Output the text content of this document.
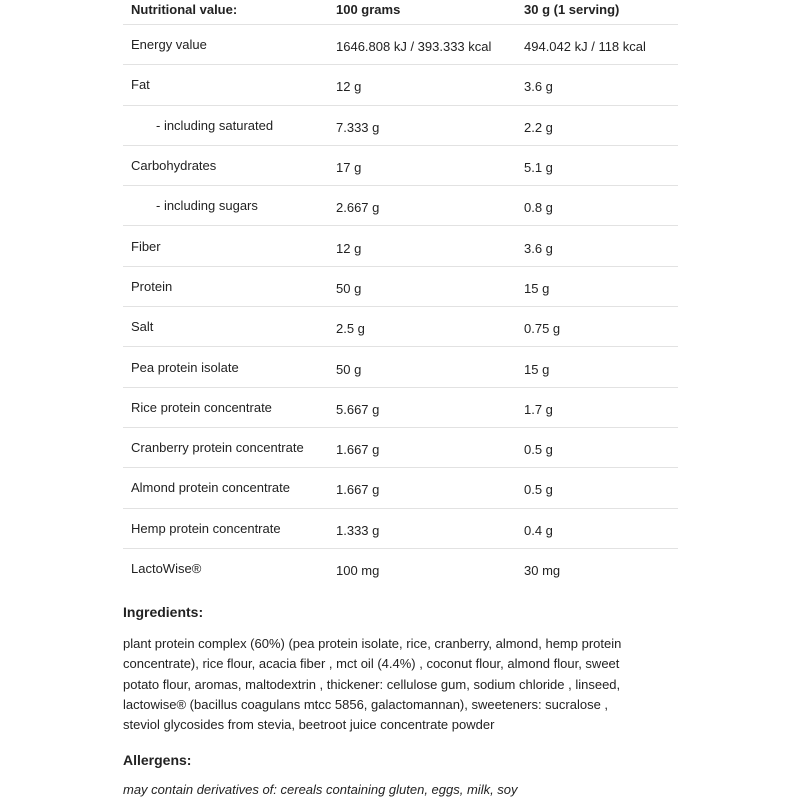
Nutritional value:	100 grams	30 g (1 serving)
Energy value	1646.808 kJ / 393.333 kcal	494.042 kJ / 118 kcal
Fat	12 g	3.6 g
- including saturated	7.333 g	2.2 g
Carbohydrates	17 g	5.1 g
- including sugars	2.667 g	0.8 g
Fiber	12 g	3.6 g
Protein	50 g	15 g
Salt	2.5 g	0.75 g
Pea protein isolate	50 g	15 g
Rice protein concentrate	5.667 g	1.7 g
Cranberry protein concentrate	1.667 g	0.5 g
Almond protein concentrate	1.667 g	0.5 g
Hemp protein concentrate	1.333 g	0.4 g
LactoWise®	100 mg	30 mg
Ingredients:
plant protein complex (60%) (pea protein isolate, rice, cranberry, almond, hemp protein concentrate), rice flour, acacia fiber , mct oil (4.4%) , coconut flour, almond flour, sweet potato flour, aromas, maltodextrin , thickener: cellulose gum, sodium chloride , linseed, lactowise® (bacillus coagulans mtcc 5856, galactomannan), sweeteners: sucralose , steviol glycosides from stevia, beetroot juice concentrate powder
Allergens:
may contain derivatives of: cereals containing gluten, eggs, milk, soy
